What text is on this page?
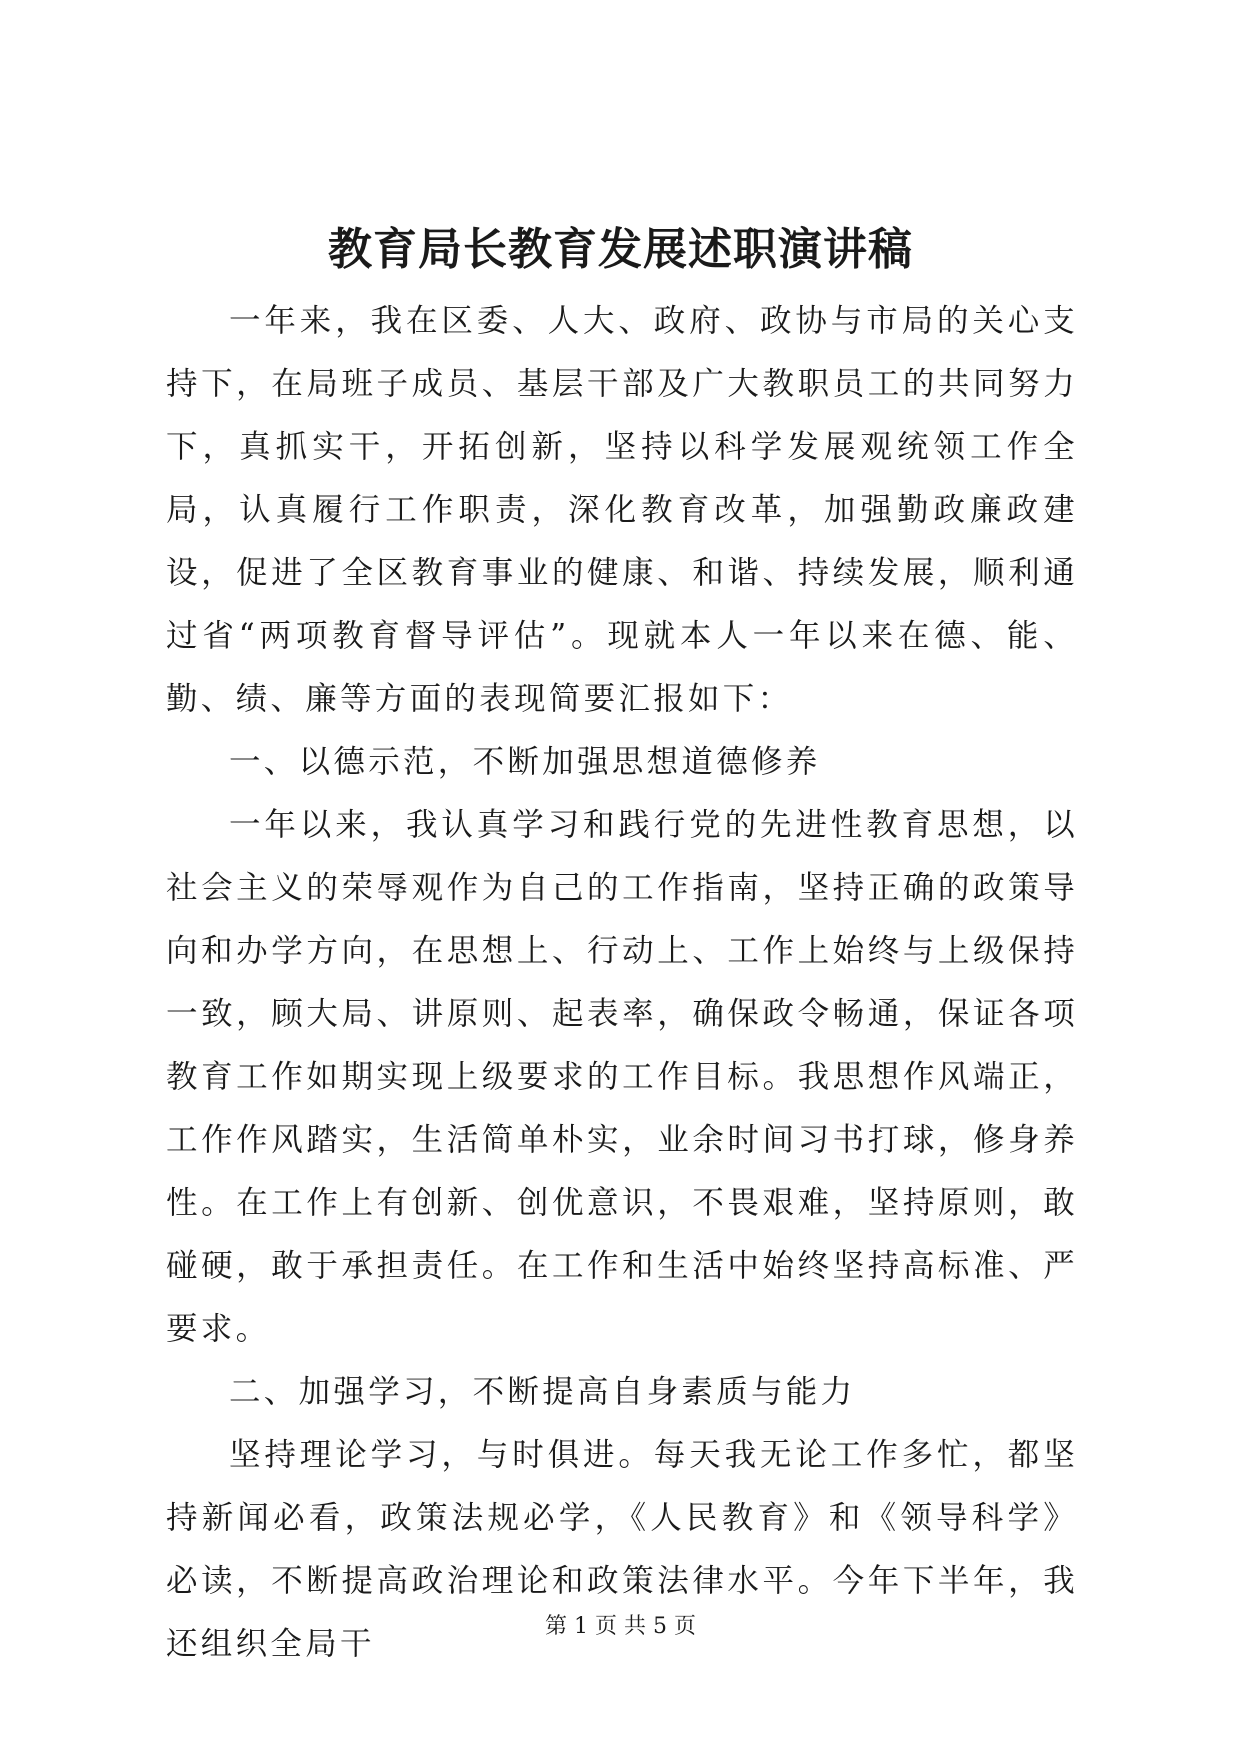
教育局长教育发展述职演讲稿

一年来，我在区委、人大、政府、政协与市局的关心支持下，在局班子成员、基层干部及广大教职员工的共同努力下，真抓实干，开拓创新，坚持以科学发展观统领工作全局，认真履行工作职责，深化教育改革，加强勤政廉政建设，促进了全区教育事业的健康、和谐、持续发展，顺利通过省“两项教育督导评估”。现就本人一年以来在德、能、勤、绩、廉等方面的表现简要汇报如下：

一、以德示范，不断加强思想道德修养

一年以来，我认真学习和践行党的先进性教育思想，以社会主义的荣辱观作为自己的工作指南，坚持正确的政策导向和办学方向，在思想上、行动上、工作上始终与上级保持一致，顾大局、讲原则、起表率，确保政令畅通，保证各项教育工作如期实现上级要求的工作目标。我思想作风端正，工作作风踏实，生活简单朴实，业余时间习书打球，修身养性。在工作上有创新、创优意识，不畏艰难，坚持原则，敢碰硬，敢于承担责任。在工作和生活中始终坚持高标准、严要求。

二、加强学习，不断提高自身素质与能力

坚持理论学习，与时俱进。每天我无论工作多忙，都坚持新闻必看，政策法规必学，《人民教育》和《领导科学》必读，不断提高政治理论和政策法律水平。今年下半年，我还组织全局干	第 1 页 共 5 页
